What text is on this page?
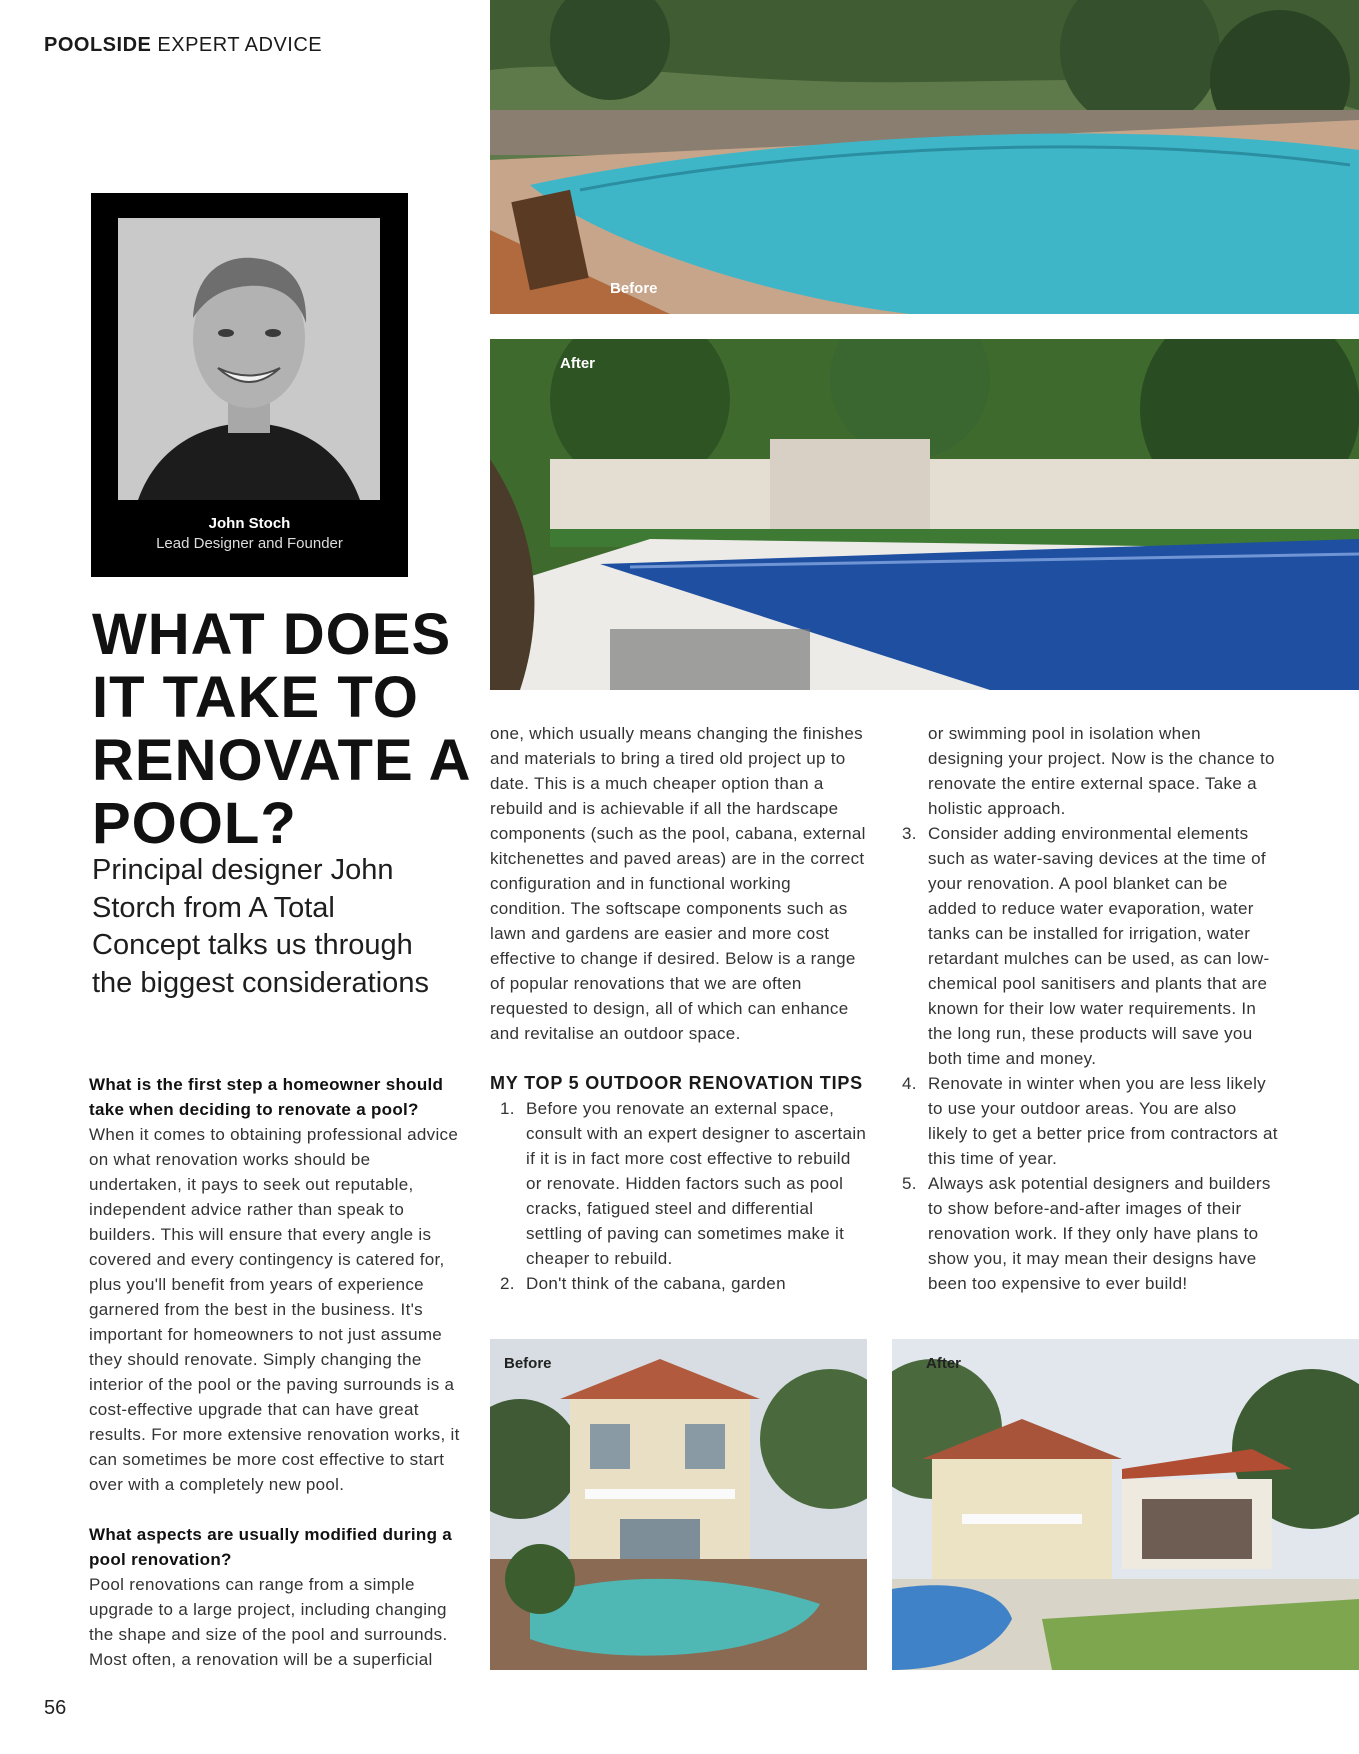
POOLSIDE EXPERT ADVICE
John Stoch
Lead Designer and Founder
WHAT DOES IT TAKE TO RENOVATE A POOL?
Principal designer John Storch from A Total Concept talks us through the biggest considerations
What is the first step a homeowner should take when deciding to renovate a pool?

When it comes to obtaining professional advice on what renovation works should be undertaken, it pays to seek out reputable, independent advice rather than speak to builders. This will ensure that every angle is covered and every contingency is catered for, plus you'll benefit from years of experience garnered from the best in the business. It's important for homeowners to not just assume they should renovate. Simply changing the interior of the pool or the paving surrounds is a cost-effective upgrade that can have great results. For more extensive renovation works, it can sometimes be more cost effective to start over with a completely new pool.

What aspects are usually modified during a pool renovation?
Pool renovations can range from a simple upgrade to a large project, including changing the shape and size of the pool and surrounds. Most often, a renovation will be a superficial

one, which usually means changing the finishes and materials to bring a tired old project up to date. This is a much cheaper option than a rebuild and is achievable if all the hardscape components (such as the pool, cabana, external kitchenettes and paved areas) are in the correct configuration and in functional working condition. The softscape components such as lawn and gardens are easier and more cost effective to change if desired. Below is a range of popular renovations that we are often requested to design, all of which can enhance and revitalise an outdoor space.

MY TOP 5 OUTDOOR RENOVATION TIPS
1. Before you renovate an external space, consult with an expert designer to ascertain if it is in fact more cost effective to rebuild or renovate. Hidden factors such as pool cracks, fatigued steel and differential settling of paving can sometimes make it cheaper to rebuild.
2. Don't think of the cabana, garden
or swimming pool in isolation when designing your project. Now is the chance to renovate the entire external space. Take a holistic approach.
3. Consider adding environmental elements such as water-saving devices at the time of your renovation. A pool blanket can be added to reduce water evaporation, water tanks can be installed for irrigation, water retardant mulches can be used, as can low-chemical pool sanitisers and plants that are known for their low water requirements. In the long run, these products will save you both time and money.
4. Renovate in winter when you are less likely to use your outdoor areas. You are also likely to get a better price from contractors at this time of year.
5. Always ask potential designers and builders to show before-and-after images of their renovation work. If they only have plans to show you, it may mean their designs have been too expensive to ever build!
Before
After
Before	After
56
